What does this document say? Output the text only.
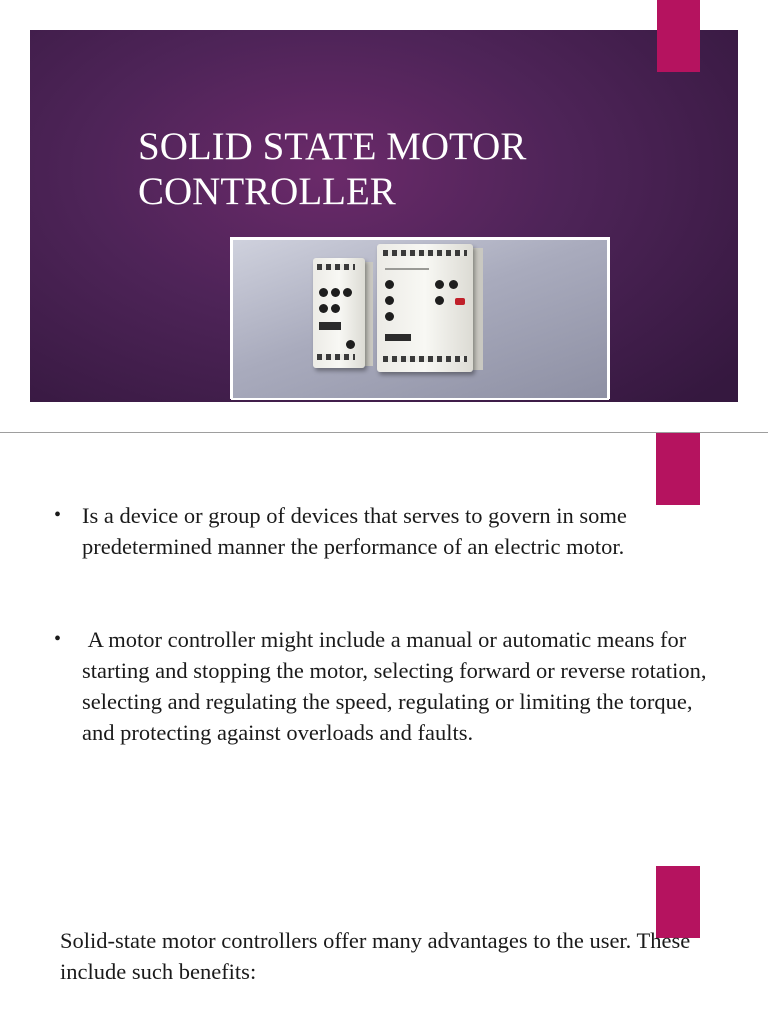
SOLID STATE MOTOR
CONTROLLER
• Is a device or group of devices that serves to govern in some predetermined manner the performance of an electric motor.
• A motor controller might include a manual or automatic means for starting and stopping the motor, selecting forward or reverse rotation, selecting and regulating the speed, regulating or limiting the torque, and protecting against overloads and faults.

Solid-state motor controllers offer many advantages to the user. These include such benefits:
